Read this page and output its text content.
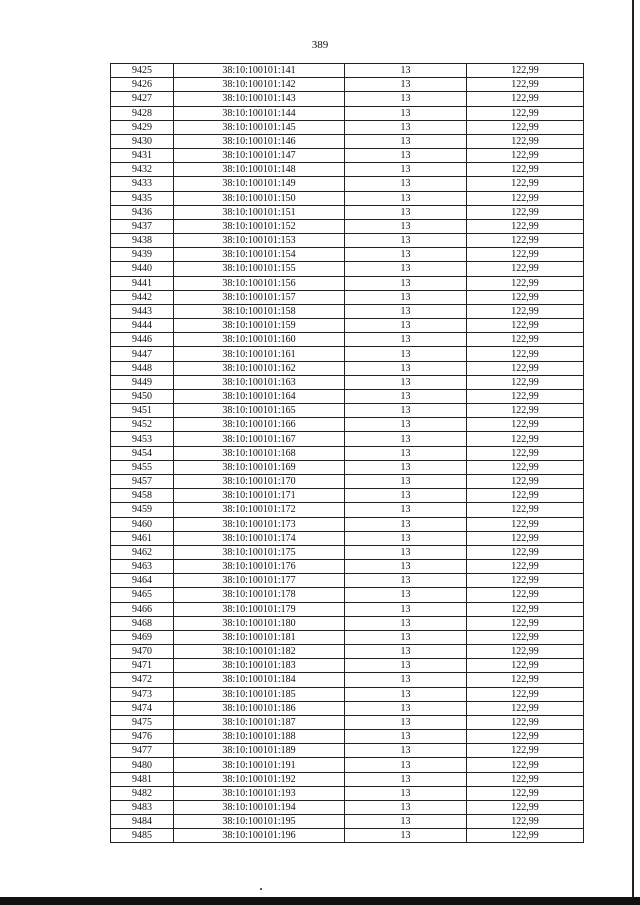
389
9425	38:10:100101:141	13	122,99
9426	38:10:100101:142	13	122,99
9427	38:10:100101:143	13	122,99
9428	38:10:100101:144	13	122,99
9429	38:10:100101:145	13	122,99
9430	38:10:100101:146	13	122,99
9431	38:10:100101:147	13	122,99
9432	38:10:100101:148	13	122,99
9433	38:10:100101:149	13	122,99
9435	38:10:100101:150	13	122,99
9436	38:10:100101:151	13	122,99
9437	38:10:100101:152	13	122,99
9438	38:10:100101:153	13	122,99
9439	38:10:100101:154	13	122,99
9440	38:10:100101:155	13	122,99
9441	38:10:100101:156	13	122,99
9442	38:10:100101:157	13	122,99
9443	38:10:100101:158	13	122,99
9444	38:10:100101:159	13	122,99
9446	38:10:100101:160	13	122,99
9447	38:10:100101:161	13	122,99
9448	38:10:100101:162	13	122,99
9449	38:10:100101:163	13	122,99
9450	38:10:100101:164	13	122,99
9451	38:10:100101:165	13	122,99
9452	38:10:100101:166	13	122,99
9453	38:10:100101:167	13	122,99
9454	38:10:100101:168	13	122,99
9455	38:10:100101:169	13	122,99
9457	38:10:100101:170	13	122,99
9458	38:10:100101:171	13	122,99
9459	38:10:100101:172	13	122,99
9460	38:10:100101:173	13	122,99
9461	38:10:100101:174	13	122,99
9462	38:10:100101:175	13	122,99
9463	38:10:100101:176	13	122,99
9464	38:10:100101:177	13	122,99
9465	38:10:100101:178	13	122,99
9466	38:10:100101:179	13	122,99
9468	38:10:100101:180	13	122,99
9469	38:10:100101:181	13	122,99
9470	38:10:100101:182	13	122,99
9471	38:10:100101:183	13	122,99
9472	38:10:100101:184	13	122,99
9473	38:10:100101:185	13	122,99
9474	38:10:100101:186	13	122,99
9475	38:10:100101:187	13	122,99
9476	38:10:100101:188	13	122,99
9477	38:10:100101:189	13	122,99
9480	38:10:100101:191	13	122,99
9481	38:10:100101:192	13	122,99
9482	38:10:100101:193	13	122,99
9483	38:10:100101:194	13	122,99
9484	38:10:100101:195	13	122,99
9485	38:10:100101:196	13	122,99
